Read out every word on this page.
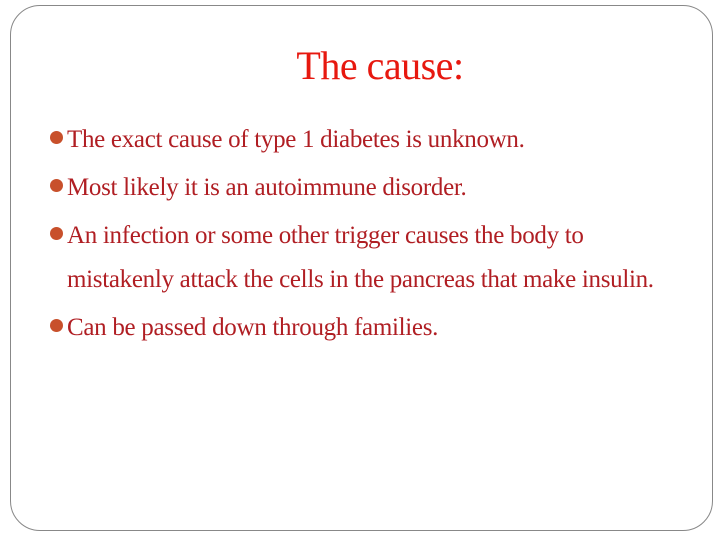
The cause:
The exact cause of type 1 diabetes is unknown.
Most likely it is an autoimmune disorder.
An infection or some other trigger causes the body to mistakenly attack the cells in the pancreas that make insulin.
Can be passed down through families.
